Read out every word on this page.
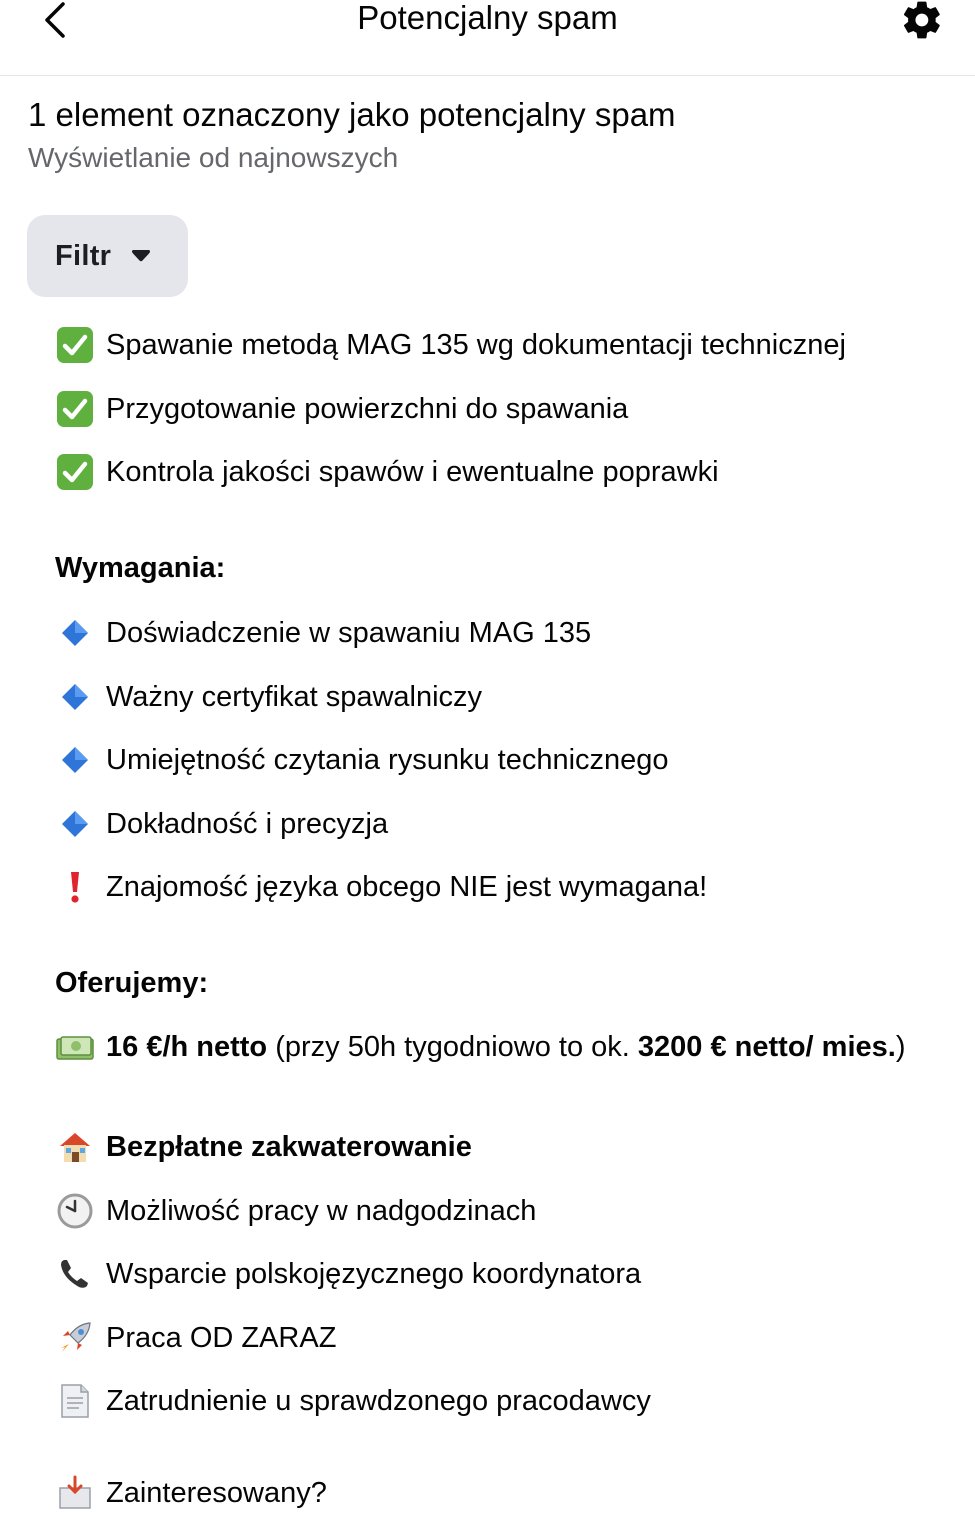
Potencjalny spam
1 element oznaczony jako potencjalny spam
Wyświetlanie od najnowszych
Filtr
Spawanie metodą MAG 135 wg dokumentacji technicznej
Przygotowanie powierzchni do spawania
Kontrola jakości spawów i ewentualne poprawki
Wymagania:
Doświadczenie w spawaniu MAG 135
Ważny certyfikat spawalniczy
Umiejętność czytania rysunku technicznego
Dokładność i precyzja
Znajomość języka obcego NIE jest wymagana!
Oferujemy:
16 €/h netto (przy 50h tygodniowo to ok. 3200 € netto/ mies.)
Bezpłatne zakwaterowanie
Możliwość pracy w nadgodzinach
Wsparcie polskojęzycznego koordynatora
Praca OD ZARAZ
Zatrudnienie u sprawdzonego pracodawcy
Zainteresowany?
